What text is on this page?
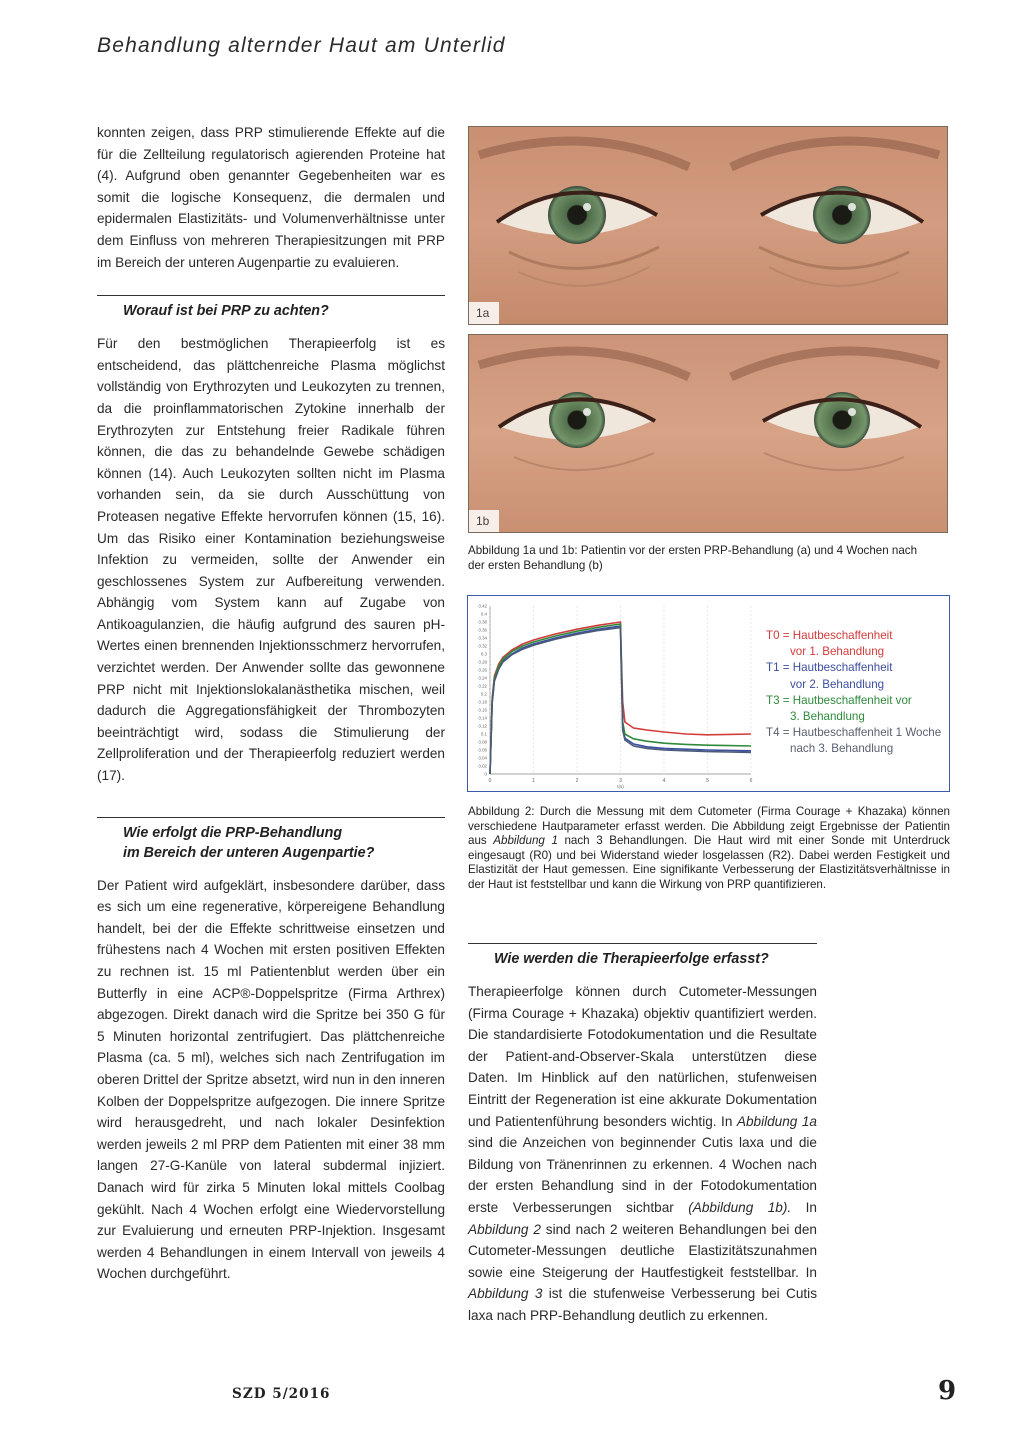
Behandlung alternder Haut am Unterlid

konnten zeigen, dass PRP stimulierende Effekte auf die für die Zellteilung regulatorisch agierenden Proteine hat (4). Aufgrund oben genannter Gegebenheiten war es somit die logische Konsequenz, die dermalen und epidermalen Elastizitäts- und Volumenverhältnisse unter dem Einfluss von mehreren Therapiesitzungen mit PRP im Bereich der unteren Augenpartie zu evaluieren.

Worauf ist bei PRP zu achten?

Für den bestmöglichen Therapieerfolg ist es entscheidend, das plättchenreiche Plasma möglichst vollständig von Erythrozyten und Leukozyten zu trennen, da die proinflammatorischen Zytokine innerhalb der Erythrozyten zur Entstehung freier Radikale führen können, die das zu behandelnde Gewebe schädigen können (14). Auch Leukozyten sollten nicht im Plasma vorhanden sein, da sie durch Ausschüttung von Proteasen negative Effekte hervorrufen können (15, 16). Um das Risiko einer Kontamination beziehungsweise Infektion zu vermeiden, sollte der Anwender ein geschlossenes System zur Aufbereitung verwenden. Abhängig vom System kann auf Zugabe von Antikoagulanzien, die häufig aufgrund des sauren pH-Wertes einen brennenden Injektionsschmerz hervorrufen, verzichtet werden. Der Anwender sollte das gewonnene PRP nicht mit Injektionslokalanästhetika mischen, weil dadurch die Aggregationsfähigkeit der Thrombozyten beeinträchtigt wird, sodass die Stimulierung der Zellproliferation und der Therapieerfolg reduziert werden (17).

Wie erfolgt die PRP-Behandlung
im Bereich der unteren Augenpartie?

Der Patient wird aufgeklärt, insbesondere darüber, dass es sich um eine regenerative, körpereigene Behandlung handelt, bei der die Effekte schrittweise einsetzen und frühestens nach 4 Wochen mit ersten positiven Effekten zu rechnen ist. 15 ml Patientenblut werden über ein Butterfly in eine ACP®-Doppelspritze (Firma Arthrex) abgezogen. Direkt danach wird die Spritze bei 350 G für 5 Minuten horizontal zentrifugiert. Das plättchenreiche Plasma (ca. 5 ml), welches sich nach Zentrifugation im oberen Drittel der Spritze absetzt, wird nun in den inneren Kolben der Doppelspritze aufgezogen. Die innere Spritze wird herausgedreht, und nach lokaler Desinfektion werden jeweils 2 ml PRP dem Patienten mit einer 38 mm langen 27-G-Kanüle von lateral subdermal injiziert. Danach wird für zirka 5 Minuten lokal mittels Coolbag gekühlt. Nach 4 Wochen erfolgt eine Wiedervorstellung zur Evaluierung und erneuten PRP-Injektion. Insgesamt werden 4 Behandlungen in einem Intervall von jeweils 4 Wochen durchgeführt.

1a
1b
Abbildung 1a und 1b: Patientin vor der ersten PRP-Behandlung (a) und 4 Wochen nach der ersten Behandlung (b)
0	1	2	3	4	5	6
0
0.02
0.04
0.06
0.08
0.1
0.12
0.14
0.16
0.18
0.2
0.22
0.24
0.26
0.28
0.3
0.32
0.34
0.36
0.38
0.4
0.42
t(s)
T0 = Hautbeschaffenheit
vor 1. Behandlung
T1 = Hautbeschaffenheit
vor 2. Behandlung
T3 = Hautbeschaffenheit vor
3. Behandlung
T4 = Hautbeschaffenheit 1 Woche
nach 3. Behandlung
Abbildung 2: Durch die Messung mit dem Cutometer (Firma Courage + Khazaka) können verschiedene Hautparameter erfasst werden. Die Abbildung zeigt Ergebnisse der Patientin aus Abbildung 1 nach 3 Behandlungen. Die Haut wird mit einer Sonde mit Unterdruck eingesaugt (R0) und bei Widerstand wieder losgelassen (R2). Dabei werden Festigkeit und Elastizität der Haut gemessen. Eine signifikante Verbesserung der Elastizitätsverhältnisse in der Haut ist feststellbar und kann die Wirkung von PRP quantifizieren.
Wie werden die Therapieerfolge erfasst?

Therapieerfolge können durch Cutometer-Messungen (Firma Courage + Khazaka) objektiv quantifiziert werden. Die standardisierte Fotodokumentation und die Resultate der Patient-and-Observer-Skala unterstützen diese Daten. Im Hinblick auf den natürlichen, stufenweisen Eintritt der Regeneration ist eine akkurate Dokumentation und Patientenführung besonders wichtig. In Abbildung 1a sind die Anzeichen von beginnender Cutis laxa und die Bildung von Tränenrinnen zu erkennen. 4 Wochen nach der ersten Behandlung sind in der Fotodokumentation erste Verbesserungen sichtbar (Abbildung 1b). In Abbildung 2 sind nach 2 weiteren Behandlungen bei den Cutometer-Messungen deutliche Elastizitätszunahmen sowie eine Steigerung der Hautfestigkeit feststellbar. In Abbildung 3 ist die stufenweise Verbesserung bei Cutis laxa nach PRP-Behandlung deutlich zu erkennen.

SZD 5/2016	9
